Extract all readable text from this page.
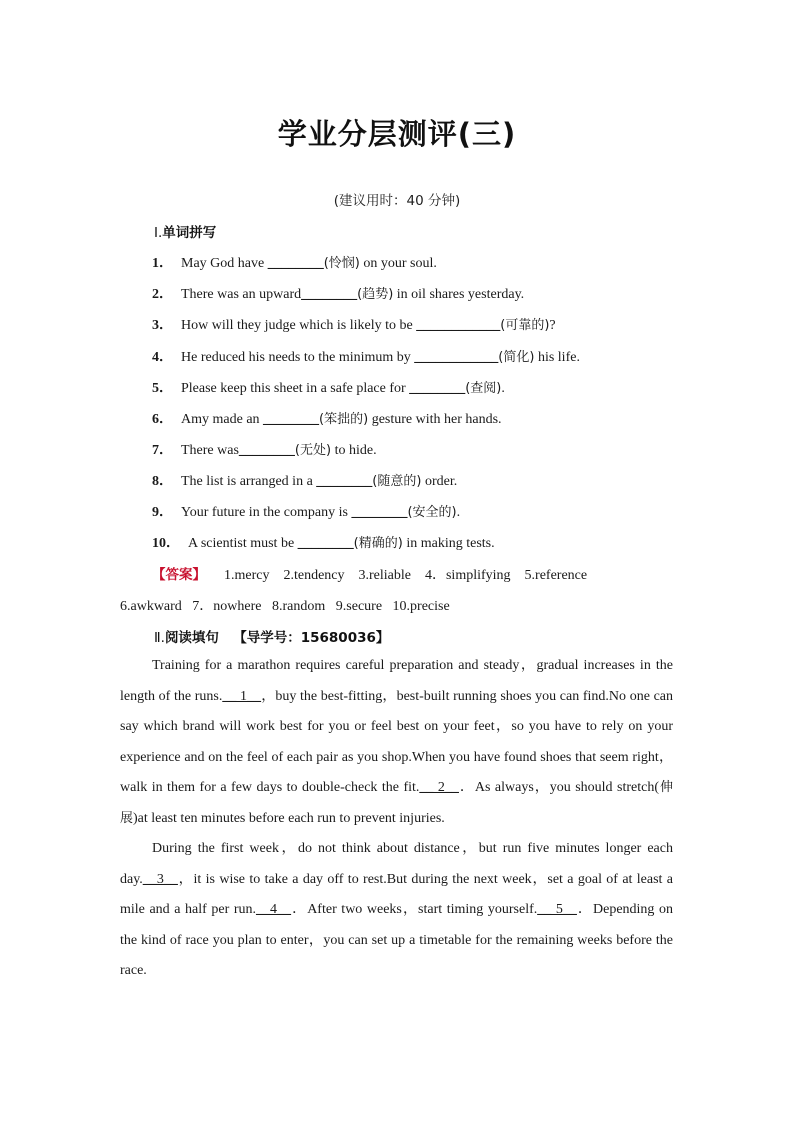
学业分层测评(三)
(建议用时：40 分钟)
Ⅰ.单词拼写
1． May God have ________(怜悯) on your soul.
2． There was an upward________(趋势) in oil shares yesterday.
3． How will they judge which is likely to be ____________(可靠的)?
4． He reduced his needs to the minimum by ____________(简化) his life.
5． Please keep this sheet in a safe place for ________(查阅).
6． Amy made an ________(笨拙的) gesture with her hands.
7． There was________(无处) to hide.
8． The list is arranged in a ________(随意的) order.
9． Your future in the company is ________(安全的).
10． A scientist must be ________(精确的) in making tests.
【答案】 1.mercy    2.tendency    3.reliable    4．simplifying    5.reference
6.awkward   7．nowhere   8.random   9.secure   10.precise
Ⅱ.阅读填句 【导学号：15680036】

Training for a marathon requires careful preparation and steady，gradual increases in the length of the runs.__ 1__，buy the best-fitting，best-built running shoes you can find.No one can say which brand will work best for you or feel best on your feet，so you have to rely on your experience and on the feel of each pair as you shop.When you have found shoes that seem right，walk in them for a few days to double-check the fit.__ 2__．As always，you should stretch(伸展)at least ten minutes before each run to prevent injuries.

During the first week，do not think about distance，but run five minutes longer each day.__3__，it is wise to take a day off to rest.But during the next week，set a goal of at least a mile and a half per run.__4__．After two weeks，start timing yourself.__ 5__．Depending on the kind of race you plan to enter，you can set up a timetable for the remaining weeks before the race.
